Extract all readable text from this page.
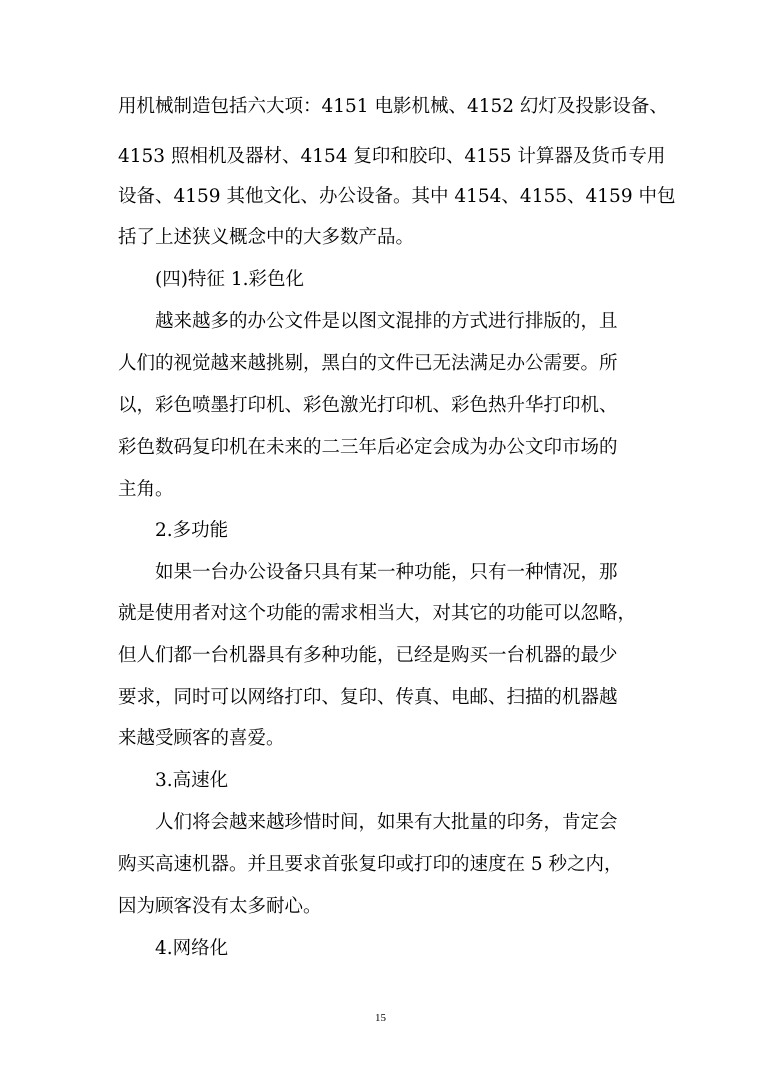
用机械制造包括六大项：4151 电影机械、4152 幻灯及投影设备、
4153 照相机及器材、4154 复印和胶印、4155 计算器及货币专用
设备、4159 其他文化、办公设备。其中 4154、4155、4159 中包
括了上述狭义概念中的大多数产品。
(四)特征 1.彩色化
越来越多的办公文件是以图文混排的方式进行排版的，且
人们的视觉越来越挑剔，黑白的文件已无法满足办公需要。所
以，彩色喷墨打印机、彩色激光打印机、彩色热升华打印机、
彩色数码复印机在未来的二三年后必定会成为办公文印市场的
主角。
2.多功能
如果一台办公设备只具有某一种功能，只有一种情况，那
就是使用者对这个功能的需求相当大，对其它的功能可以忽略，
但人们都一台机器具有多种功能，已经是购买一台机器的最少
要求，同时可以网络打印、复印、传真、电邮、扫描的机器越
来越受顾客的喜爱。
3.高速化
人们将会越来越珍惜时间，如果有大批量的印务，肯定会
购买高速机器。并且要求首张复印或打印的速度在 5 秒之内，
因为顾客没有太多耐心。
4.网络化
15
